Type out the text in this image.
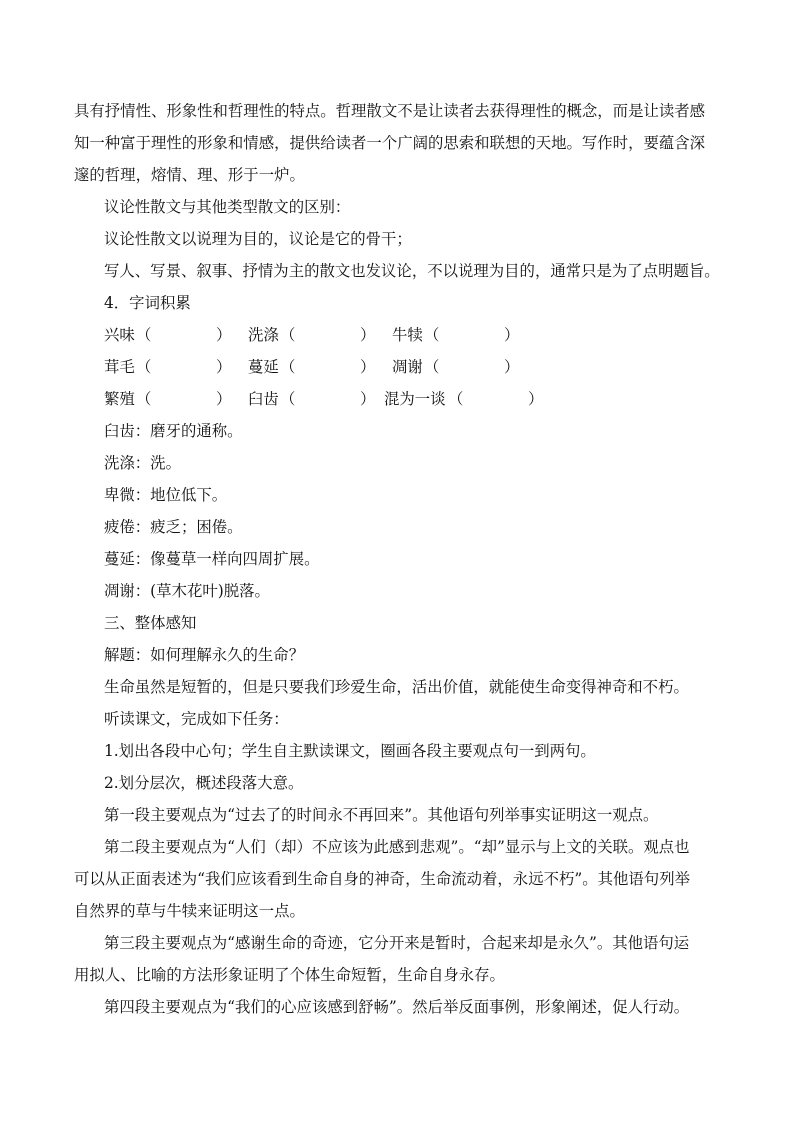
具有抒情性、形象性和哲理性的特点。哲理散文不是让读者去获得理性的概念，而是让读者感
知一种富于理性的形象和情感，提供给读者一个广阔的思索和联想的天地。写作时，要蕴含深
邃的哲理，熔情、理、形于一炉。
议论性散文与其他类型散文的区别：
议论性散文以说理为目的，议论是它的骨干；
写人、写景、叙事、抒情为主的散文也发议论，不以说理为目的，通常只是为了点明题旨。
4．字词积累
兴味 （	） 洗涤 （	） 牛犊 （	）
茸毛 （	） 蔓延 （	） 凋谢 （	）
繁殖 （	） 臼齿 （	） 混为一谈 （	）
臼齿：磨牙的通称。
洗涤：洗。
卑微：地位低下。
疲倦：疲乏；困倦。
蔓延：像蔓草一样向四周扩展。
凋谢：(草木花叶)脱落。
三、整体感知
解题：如何理解永久的生命？
生命虽然是短暂的，但是只要我们珍爱生命，活出价值，就能使生命变得神奇和不朽。
听读课文，完成如下任务：
1.划出各段中心句；学生自主默读课文，圈画各段主要观点句一到两句。
2.划分层次，概述段落大意。
第一段主要观点为“过去了的时间永不再回来”。其他语句列举事实证明这一观点。
第二段主要观点为“人们（却）不应该为此感到悲观”。“却”显示与上文的关联。观点也
可以从正面表述为“我们应该看到生命自身的神奇，生命流动着，永远不朽”。其他语句列举
自然界的草与牛犊来证明这一点。
第三段主要观点为“感谢生命的奇迹，它分开来是暂时，合起来却是永久”。其他语句运
用拟人、比喻的方法形象证明了个体生命短暂，生命自身永存。
第四段主要观点为“我们的心应该感到舒畅”。然后举反面事例，形象阐述，促人行动。
